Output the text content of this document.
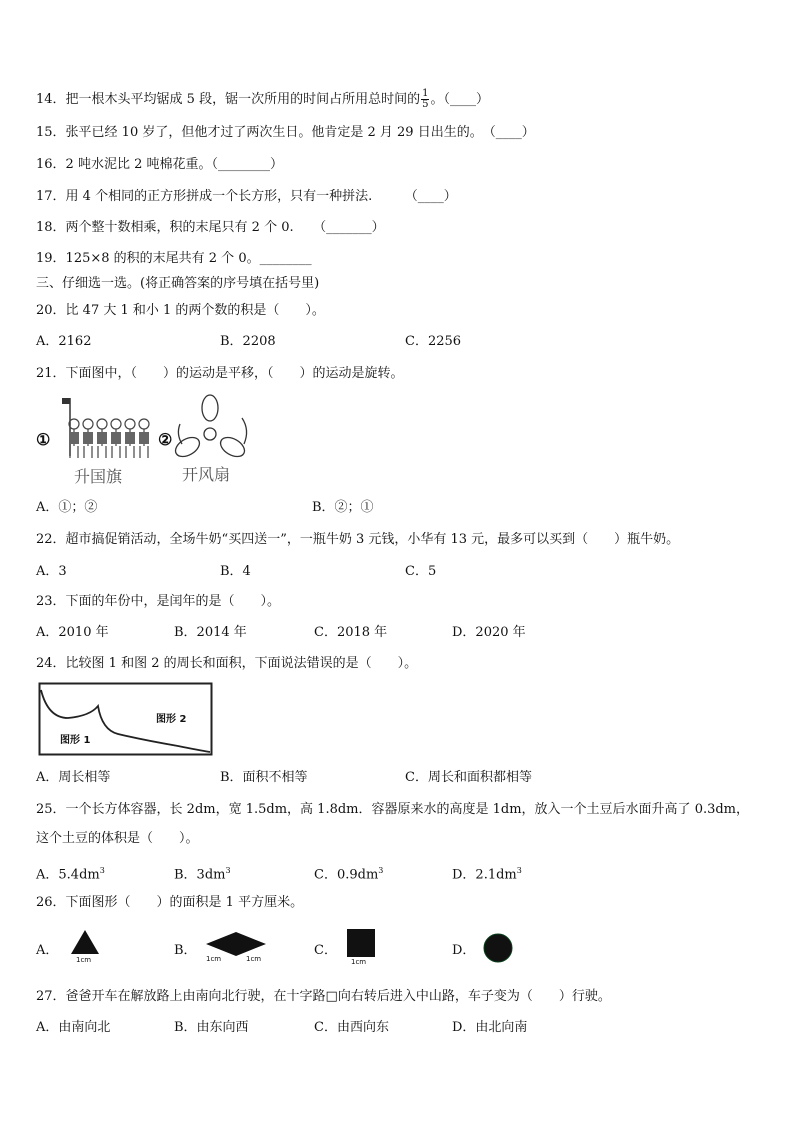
14．把一根木头平均锯成 5 段，锯一次所用的时间占所用总时间的 $\frac{1}{5}$ 。（____）
15．张平已经 10 岁了，但他才过了两次生日。他肯定是 2 月 29 日出生的。　（____）
16．2 吨水泥比 2 吨棉花重。（________）
17．用 4 个相同的正方形拼成一个长方形，只有一种拼法.　　　（____）
18．两个整十数相乘，积的末尾只有 2 个 0.　　（_______）
19．125×8 的积的末尾共有 2 个 0。________
三、仔细选一选。(将正确答案的序号填在括号里)
20．比 47 大 1 和小 1 的两个数的积是（　　）。
A．2162	B．2208	C．2256
21．下面图中，（　　）的运动是平移，（　　）的运动是旋转。
①
升国旗
②
开风扇
A．①；②	B．②；①
22．超市搞促销活动，全场牛奶“买四送一”，一瓶牛奶 3 元钱，小华有 13 元，最多可以买到（　　）瓶牛奶。
A．3	B．4	C．5
23．下面的年份中，是闰年的是（　　）。
A．2010 年	B．2014 年	C．2018 年	D．2020 年
24．比较图 1 和图 2 的周长和面积，下面说法错误的是（　　）。
图形 2
图形 1
A．周长相等	B．面积不相等	C．周长和面积都相等
25．一个长方体容器，长 2dm，宽 1.5dm，高 1.8dm．容器原来水的高度是 1dm，放入一个土豆后水面升高了 0.3dm，
这个土豆的体积是（　　）。
A．$5.4dm^3$	B．$3dm^3$	C．$0.9dm^3$	D．$2.1dm^3$
26．下面图形（　　）的面积是 1 平方厘米。
A．
1cm
B．
1cm	1cm
C．
1cm
D．
27．爸爸开车在解放路上由南向北行驶，在十字路□向右转后进入中山路，车子变为（　　）行驶。
A．由南向北	B．由东向西	C．由西向东	D．由北向南
